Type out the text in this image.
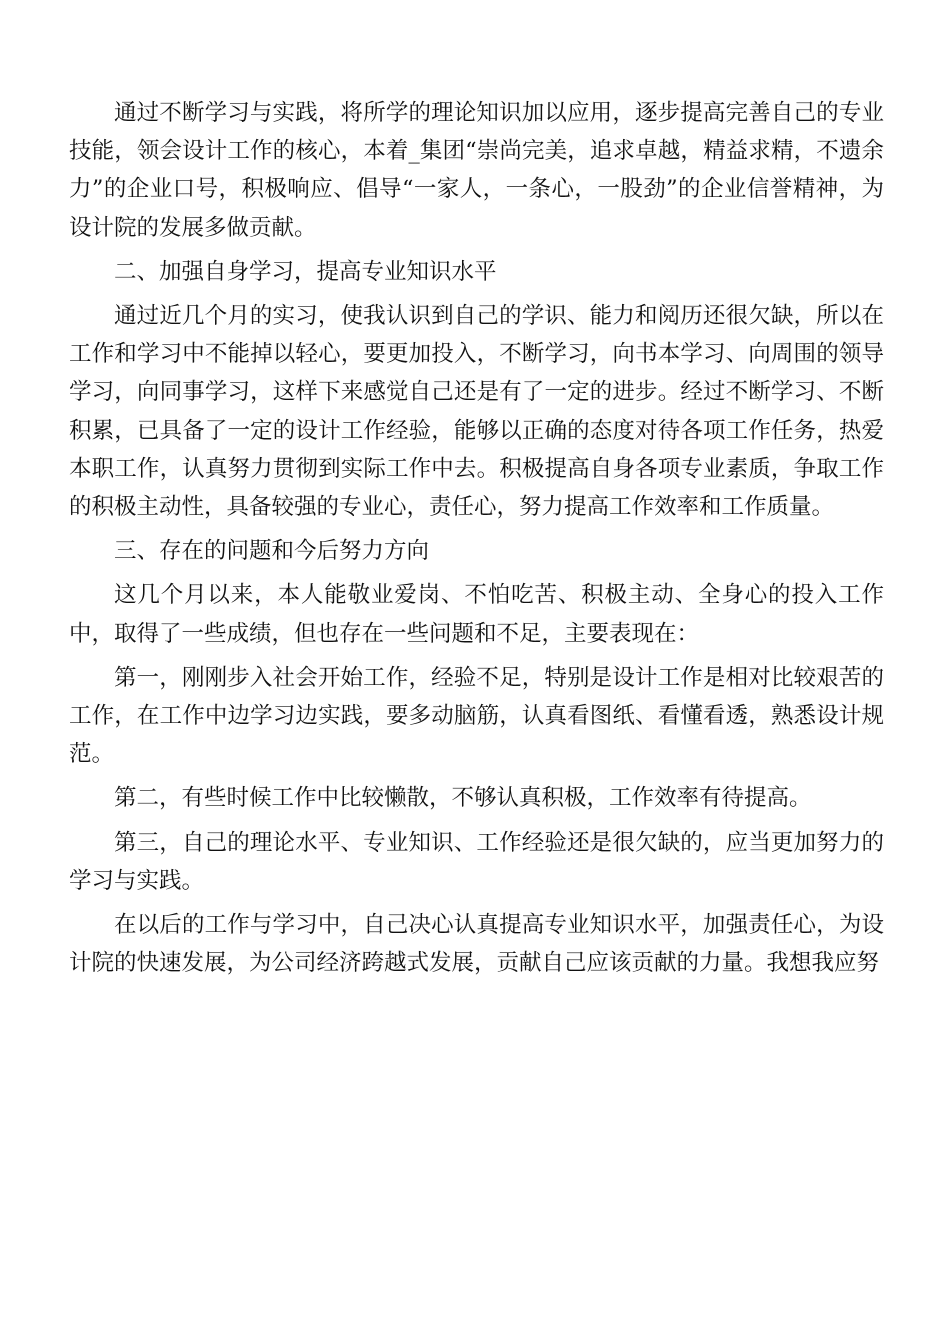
通过不断学习与实践，将所学的理论知识加以应用，逐步提高完善自己的专业技能，领会设计工作的核心，本着_集团“崇尚完美，追求卓越，精益求精，不遗余力”的企业口号，积极响应、倡导“一家人，一条心，一股劲”的企业信誉精神，为设计院的发展多做贡献。

二、加强自身学习，提高专业知识水平

通过近几个月的实习，使我认识到自己的学识、能力和阅历还很欠缺，所以在工作和学习中不能掉以轻心，要更加投入，不断学习，向书本学习、向周围的领导学习，向同事学习，这样下来感觉自己还是有了一定的进步。经过不断学习、不断积累，已具备了一定的设计工作经验，能够以正确的态度对待各项工作任务，热爱本职工作，认真努力贯彻到实际工作中去。积极提高自身各项专业素质，争取工作的积极主动性，具备较强的专业心，责任心，努力提高工作效率和工作质量。

三、存在的问题和今后努力方向

这几个月以来，本人能敬业爱岗、不怕吃苦、积极主动、全身心的投入工作中，取得了一些成绩，但也存在一些问题和不足，主要表现在：

第一，刚刚步入社会开始工作，经验不足，特别是设计工作是相对比较艰苦的工作，在工作中边学习边实践，要多动脑筋，认真看图纸、看懂看透，熟悉设计规范。

第二，有些时候工作中比较懒散，不够认真积极，工作效率有待提高。

第三，自己的理论水平、专业知识、工作经验还是很欠缺的，应当更加努力的学习与实践。

在以后的工作与学习中，自己决心认真提高专业知识水平，加强责任心，为设计院的快速发展，为公司经济跨越式发展，贡献自己应该贡献的力量。我想我应努
